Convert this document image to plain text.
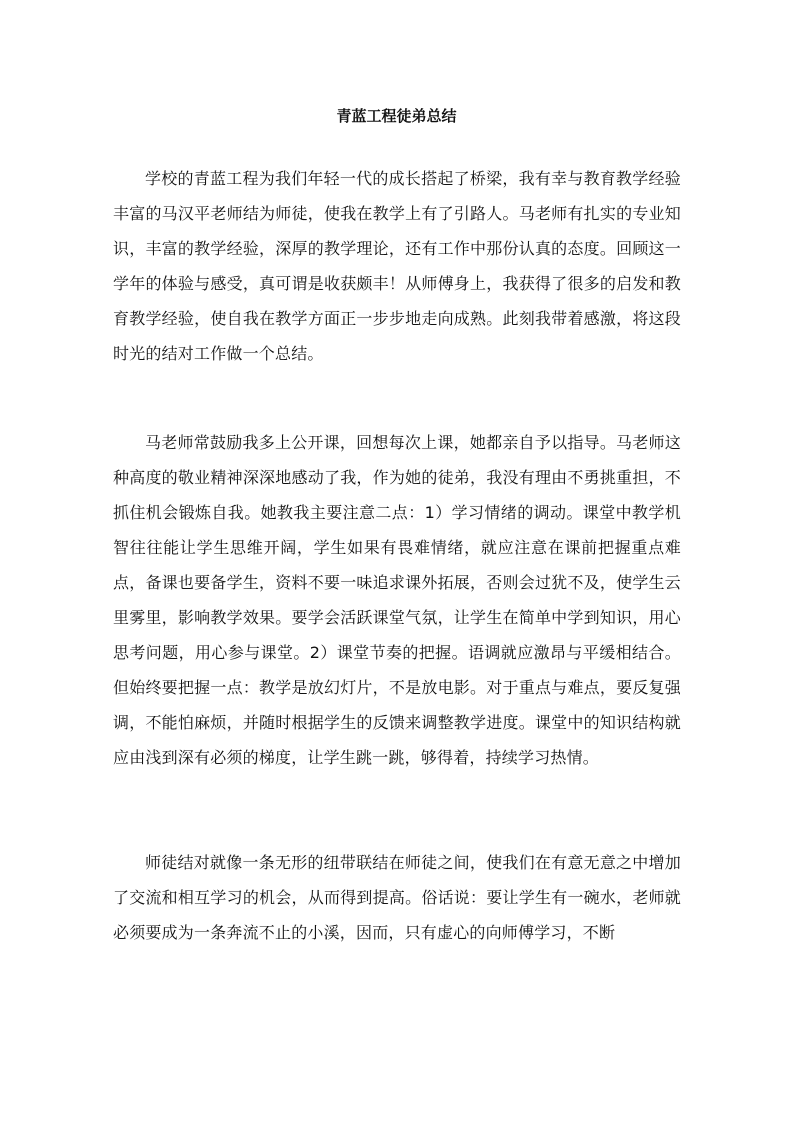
青蓝工程徒弟总结

学校的青蓝工程为我们年轻一代的成长搭起了桥梁，我有幸与教育教学经验丰富的马汉平老师结为师徒，使我在教学上有了引路人。马老师有扎实的专业知识，丰富的教学经验，深厚的教学理论，还有工作中那份认真的态度。回顾这一学年的体验与感受，真可谓是收获颇丰！从师傅身上，我获得了很多的启发和教育教学经验，使自我在教学方面正一步步地走向成熟。此刻我带着感激，将这段时光的结对工作做一个总结。

马老师常鼓励我多上公开课，回想每次上课，她都亲自予以指导。马老师这种高度的敬业精神深深地感动了我，作为她的徒弟，我没有理由不勇挑重担，不抓住机会锻炼自我。她教我主要注意二点：1）学习情绪的调动。课堂中教学机智往往能让学生思维开阔，学生如果有畏难情绪，就应注意在课前把握重点难点，备课也要备学生，资料不要一味追求课外拓展，否则会过犹不及，使学生云里雾里，影响教学效果。要学会活跃课堂气氛，让学生在简单中学到知识，用心思考问题，用心参与课堂。2）课堂节奏的把握。语调就应激昂与平缓相结合。但始终要把握一点：教学是放幻灯片，不是放电影。对于重点与难点，要反复强调，不能怕麻烦，并随时根据学生的反馈来调整教学进度。课堂中的知识结构就应由浅到深有必须的梯度，让学生跳一跳，够得着，持续学习热情。

师徒结对就像一条无形的纽带联结在师徒之间，使我们在有意无意之中增加了交流和相互学习的机会，从而得到提高。俗话说：要让学生有一碗水，老师就必须要成为一条奔流不止的小溪，因而，只有虚心的向师傅学习，不断
